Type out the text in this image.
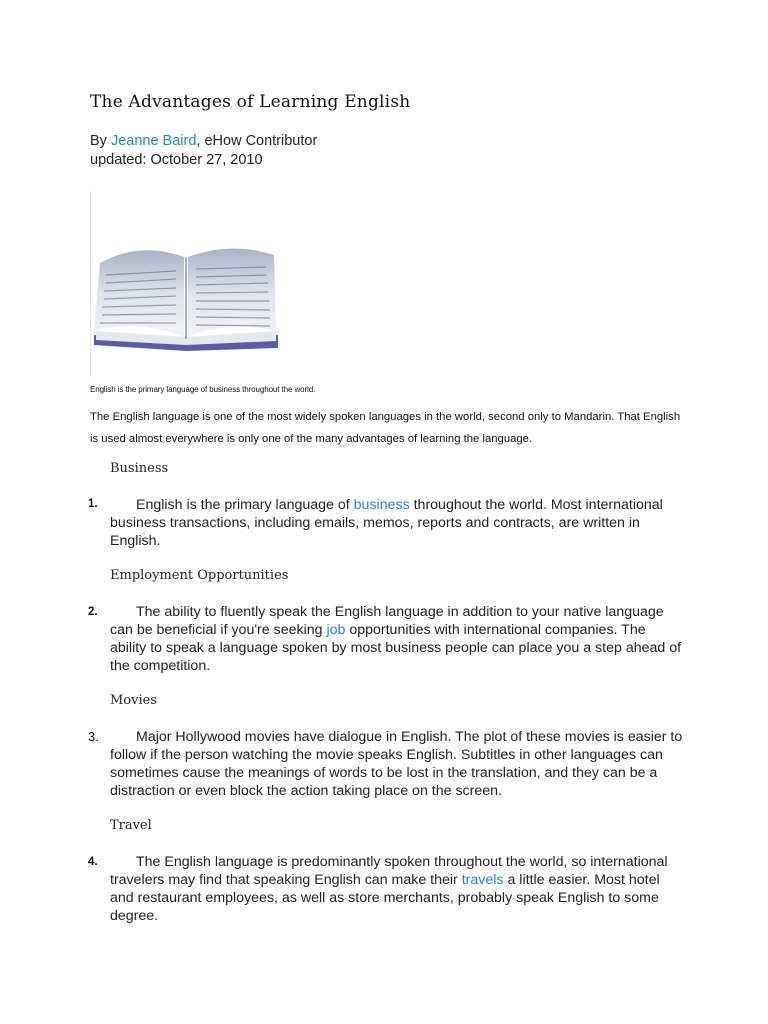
The Advantages of Learning English
By Jeanne Baird, eHow Contributor
updated: October 27, 2010
English is the primary language of business throughout the world.
The English language is one of the most widely spoken languages in the world, second only to Mandarin. That English is used almost everywhere is only one of the many advantages of learning the language.
Business
1.	English is the primary language of business throughout the world. Most international business transactions, including emails, memos, reports and contracts, are written in English.
Employment Opportunities
2.	The ability to fluently speak the English language in addition to your native language can be beneficial if you're seeking job opportunities with international companies. The ability to speak a language spoken by most business people can place you a step ahead of the competition.
Movies
3.	Major Hollywood movies have dialogue in English. The plot of these movies is easier to follow if the person watching the movie speaks English. Subtitles in other languages can sometimes cause the meanings of words to be lost in the translation, and they can be a distraction or even block the action taking place on the screen.
Travel
4.	The English language is predominantly spoken throughout the world, so international travelers may find that speaking English can make their travels a little easier. Most hotel and restaurant employees, as well as store merchants, probably speak English to some degree.
